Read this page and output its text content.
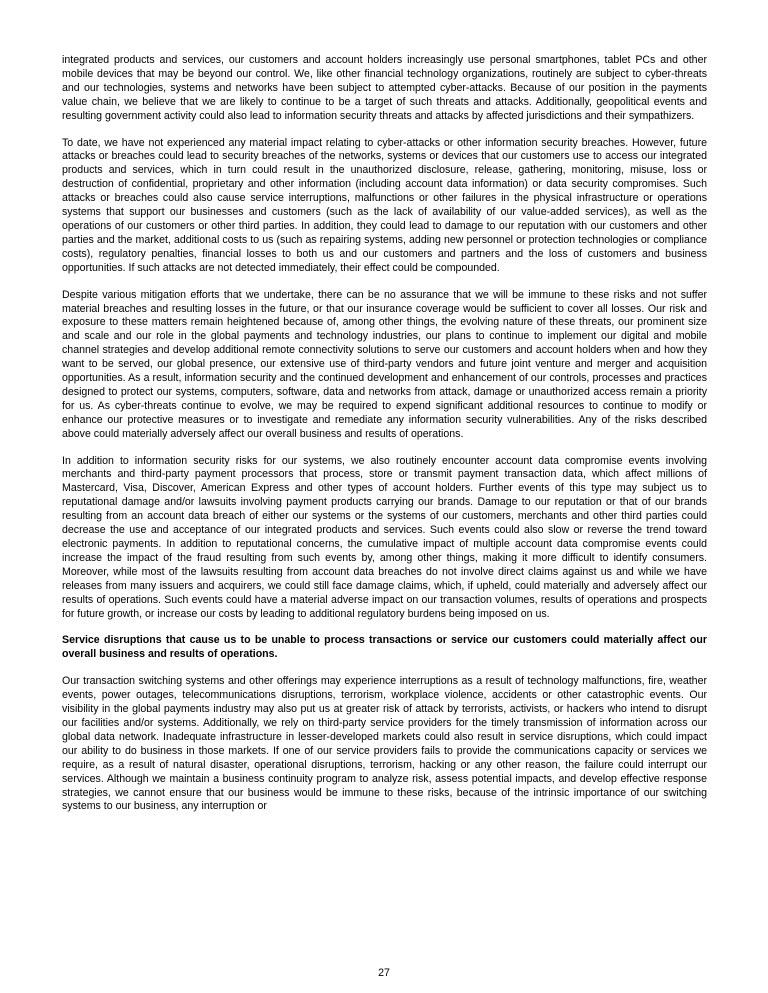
integrated products and services, our customers and account holders increasingly use personal smartphones, tablet PCs and other mobile devices that may be beyond our control. We, like other financial technology organizations, routinely are subject to cyber-threats and our technologies, systems and networks have been subject to attempted cyber-attacks. Because of our position in the payments value chain, we believe that we are likely to continue to be a target of such threats and attacks. Additionally, geopolitical events and resulting government activity could also lead to information security threats and attacks by affected jurisdictions and their sympathizers.

To date, we have not experienced any material impact relating to cyber-attacks or other information security breaches. However, future attacks or breaches could lead to security breaches of the networks, systems or devices that our customers use to access our integrated products and services, which in turn could result in the unauthorized disclosure, release, gathering, monitoring, misuse, loss or destruction of confidential, proprietary and other information (including account data information) or data security compromises. Such attacks or breaches could also cause service interruptions, malfunctions or other failures in the physical infrastructure or operations systems that support our businesses and customers (such as the lack of availability of our value-added services), as well as the operations of our customers or other third parties. In addition, they could lead to damage to our reputation with our customers and other parties and the market, additional costs to us (such as repairing systems, adding new personnel or protection technologies or compliance costs), regulatory penalties, financial losses to both us and our customers and partners and the loss of customers and business opportunities. If such attacks are not detected immediately, their effect could be compounded.

Despite various mitigation efforts that we undertake, there can be no assurance that we will be immune to these risks and not suffer material breaches and resulting losses in the future, or that our insurance coverage would be sufficient to cover all losses. Our risk and exposure to these matters remain heightened because of, among other things, the evolving nature of these threats, our prominent size and scale and our role in the global payments and technology industries, our plans to continue to implement our digital and mobile channel strategies and develop additional remote connectivity solutions to serve our customers and account holders when and how they want to be served, our global presence, our extensive use of third-party vendors and future joint venture and merger and acquisition opportunities. As a result, information security and the continued development and enhancement of our controls, processes and practices designed to protect our systems, computers, software, data and networks from attack, damage or unauthorized access remain a priority for us. As cyber-threats continue to evolve, we may be required to expend significant additional resources to continue to modify or enhance our protective measures or to investigate and remediate any information security vulnerabilities. Any of the risks described above could materially adversely affect our overall business and results of operations.

In addition to information security risks for our systems, we also routinely encounter account data compromise events involving merchants and third-party payment processors that process, store or transmit payment transaction data, which affect millions of Mastercard, Visa, Discover, American Express and other types of account holders. Further events of this type may subject us to reputational damage and/or lawsuits involving payment products carrying our brands. Damage to our reputation or that of our brands resulting from an account data breach of either our systems or the systems of our customers, merchants and other third parties could decrease the use and acceptance of our integrated products and services. Such events could also slow or reverse the trend toward electronic payments. In addition to reputational concerns, the cumulative impact of multiple account data compromise events could increase the impact of the fraud resulting from such events by, among other things, making it more difficult to identify consumers. Moreover, while most of the lawsuits resulting from account data breaches do not involve direct claims against us and while we have releases from many issuers and acquirers, we could still face damage claims, which, if upheld, could materially and adversely affect our results of operations. Such events could have a material adverse impact on our transaction volumes, results of operations and prospects for future growth, or increase our costs by leading to additional regulatory burdens being imposed on us.

Service disruptions that cause us to be unable to process transactions or service our customers could materially affect our overall business and results of operations.

Our transaction switching systems and other offerings may experience interruptions as a result of technology malfunctions, fire, weather events, power outages, telecommunications disruptions, terrorism, workplace violence, accidents or other catastrophic events. Our visibility in the global payments industry may also put us at greater risk of attack by terrorists, activists, or hackers who intend to disrupt our facilities and/or systems. Additionally, we rely on third-party service providers for the timely transmission of information across our global data network. Inadequate infrastructure in lesser-developed markets could also result in service disruptions, which could impact our ability to do business in those markets. If one of our service providers fails to provide the communications capacity or services we require, as a result of natural disaster, operational disruptions, terrorism, hacking or any other reason, the failure could interrupt our services. Although we maintain a business continuity program to analyze risk, assess potential impacts, and develop effective response strategies, we cannot ensure that our business would be immune to these risks, because of the intrinsic importance of our switching systems to our business, any interruption or

27
